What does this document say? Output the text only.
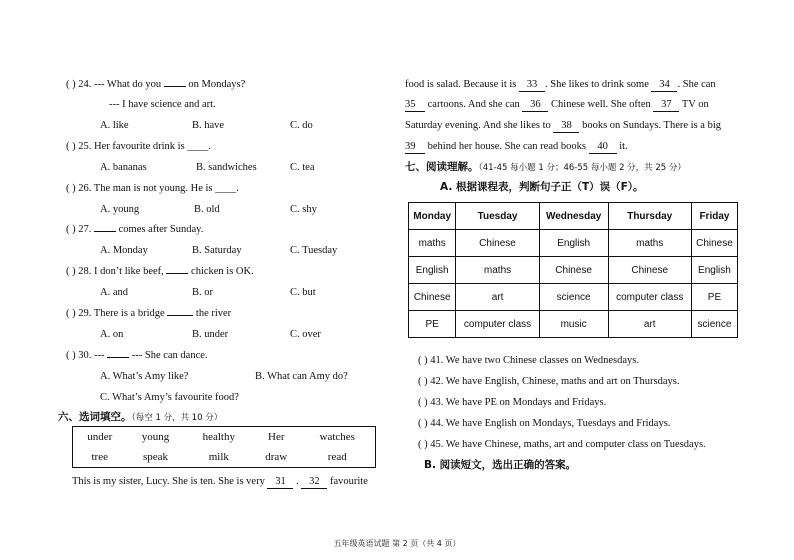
( ) 24. --- What do you  on Mondays?
--- I have science and art.
A. like	B. have	C. do
( ) 25. Her favourite drink is ____.
A. bananas	B. sandwiches	C. tea
( ) 26. The man is not young. He is ____.
A. young	B. old	C. shy
( ) 27.  comes after Sunday.
A. Monday	B. Saturday	C. Tuesday
( ) 28. I don’t like beef,  chicken is OK.
A. and	B. or	C. but
( ) 29. There is a bridge  the river
A. on	B. under	C. over
( ) 30. ---  --- She can dance.
A. What’s Amy like?	B. What can Amy do?
C. What’s Amy’s favourite food?
六、选词填空。（每空 1 分，共 10 分）
under	young	healthy	Her	watches
tree	speak	milk	draw	read
This is my sister, Lucy. She is ten. She is very 31 . 32 favourite
food is salad. Because it is 33 . She likes to drink some 34 . She can
35 cartoons. And she can 36 Chinese well. She often 37 TV on
Saturday evening. And she likes to 38 books on Sundays. There is a big
39 behind her house. She can read books 40 it.
七、阅读理解。（41-45 每小题 1 分；46-55 每小题 2 分，共 25 分）
A. 根据课程表，判断句子正（T）误（F）。
Monday	Tuesday	Wednesday	Thursday	Friday
maths	Chinese	English	maths	Chinese
English	maths	Chinese	Chinese	English
Chinese	art	science	computer class	PE
PE	computer class	music	art	science
( ) 41. We have two Chinese classes on Wednesdays.
( ) 42. We have English, Chinese, maths and art on Thursdays.
( ) 43. We have PE on Mondays and Fridays.
( ) 44. We have English on Mondays, Tuesdays and Fridays.
( ) 45. We have Chinese, maths, art and computer class on Tuesdays.
B. 阅读短文，选出正确的答案。
五年级英语试题 第 2 页（共 4 页）
